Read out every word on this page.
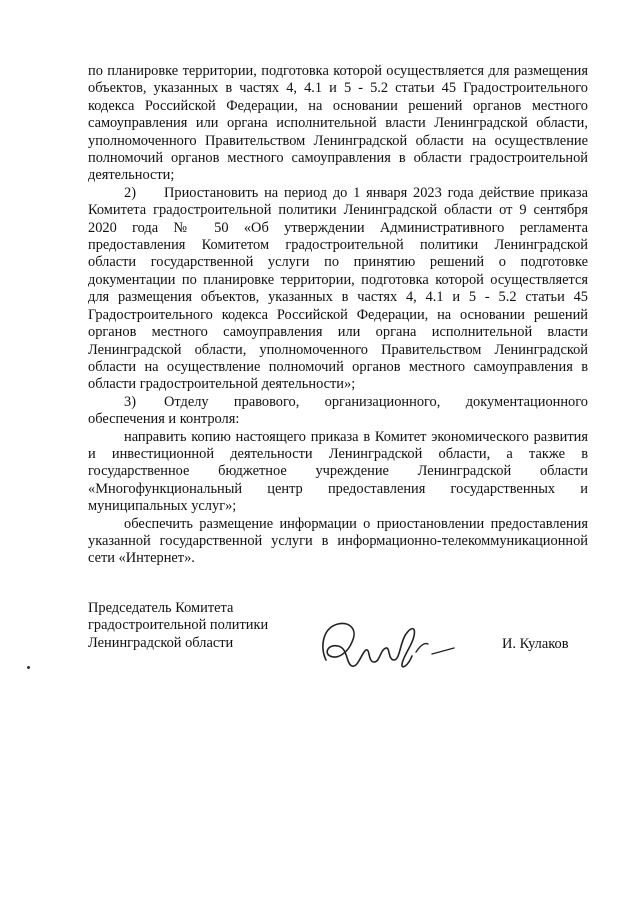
по планировке территории, подготовка которой осуществляется для размещения объектов, указанных в частях 4, 4.1 и 5 - 5.2 статьи 45 Градостроительного кодекса Российской Федерации, на основании решений органов местного самоуправления или органа исполнительной власти Ленинградской области, уполномоченного Правительством Ленинградской области на осуществление полномочий органов местного самоуправления в области градостроительной деятельности;

2) Приостановить на период до 1 января 2023 года действие приказа Комитета градостроительной политики Ленинградской области от 9 сентября 2020 года № 50 «Об утверждении Административного регламента предоставления Комитетом градостроительной политики Ленинградской области государственной услуги по принятию решений о подготовке документации по планировке территории, подготовка которой осуществляется для размещения объектов, указанных в частях 4, 4.1 и 5 - 5.2 статьи 45 Градостроительного кодекса Российской Федерации, на основании решений органов местного самоуправления или органа исполнительной власти Ленинградской области, уполномоченного Правительством Ленинградской области на осуществление полномочий органов местного самоуправления в области градостроительной деятельности»;

3) Отделу правового, организационного, документационного обеспечения и контроля:

направить копию настоящего приказа в Комитет экономического развития и инвестиционной деятельности Ленинградской области, а также в государственное бюджетное учреждение Ленинградской области «Многофункциональный центр предоставления государственных и муниципальных услуг»;

обеспечить размещение информации о приостановлении предоставления указанной государственной услуги в информационно-телекоммуникационной сети «Интернет».

Председатель Комитета
градостроительной политики
Ленинградской области	И. Кулаков
